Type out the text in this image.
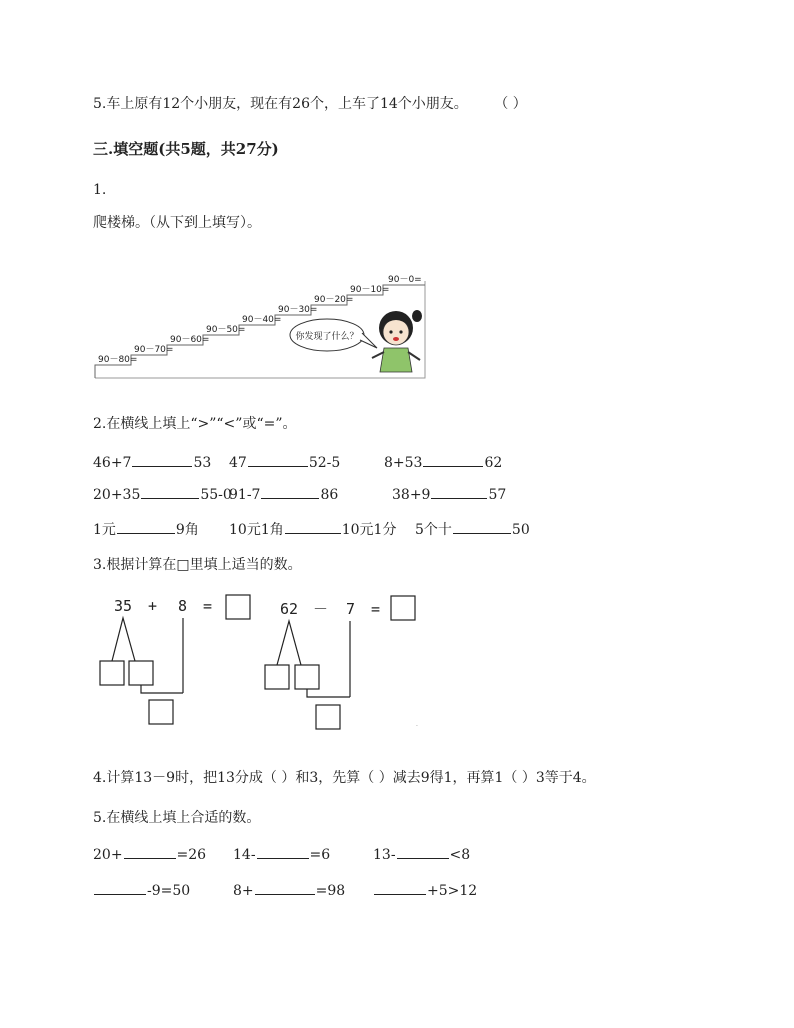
5.车上原有12个小朋友，现在有26个，上车了14个小朋友。 （ ）
三.填空题(共5题，共27分)
1.
爬楼梯。（从下到上填写）。
90－80=
90－70=
90－60=
90－50=
90－40=
90－30=
90－20=
90－10=
90－0=
你发现了什么？
2.在横线上填上“>”“<”或“=”。
46+7	53 47	52-5	8+53	62
20+35	55-0
91-7	86	38+9	57
1元	9角 10元1角	10元1分 5个十	50
3.根据计算在□里填上适当的数。
35 + 8 =	62 － 7 =
.
4.计算13－9时，把13分成（ ）和3，先算（ ）减去9得1，再算1（ ）3等于4。
5.在横线上填上合适的数。
20+	=26 14-	=6	13-	<8
-9=50	8+	=98	+5>12
